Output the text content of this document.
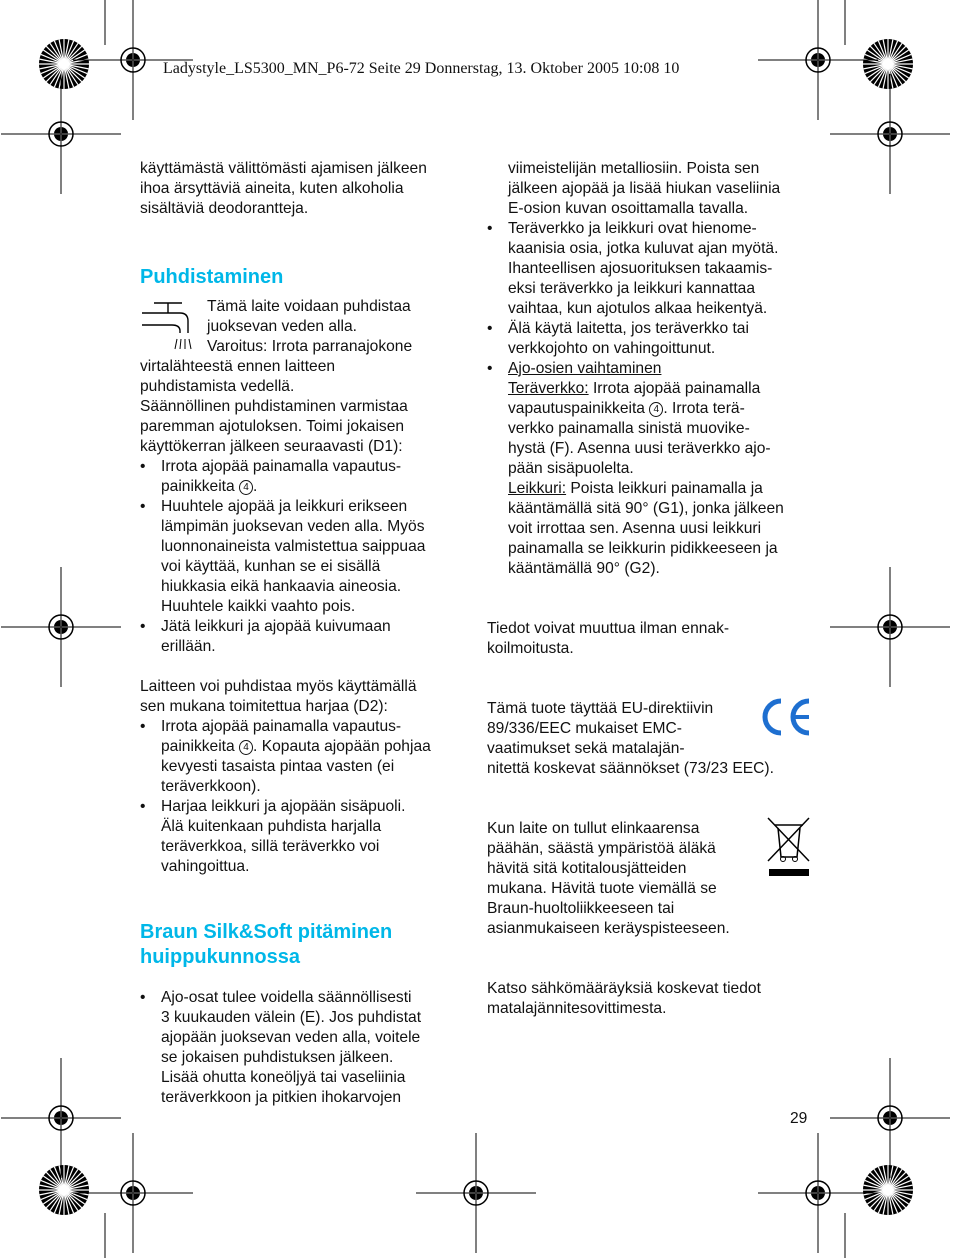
Ladystyle_LS5300_MN_P6-72 Seite 29 Donnerstag, 13. Oktober 2005 10:08 10

käyttämästä välittömästi ajamisen jälkeen

ihoa ärsyttäviä aineita, kuten alkoholia

sisältäviä deodorantteja.

Puhdistaminen

Tämä laite voidaan puhdistaa

juoksevan veden alla.

Varoitus: Irrota parranajokone

virtalähteestä ennen laitteen

puhdistamista vedellä.

Säännöllinen puhdistaminen varmistaa

paremman ajotuloksen. Toimi jokaisen

käyttökerran jälkeen seuraavasti (D1):

• Irrota ajopää painamalla vapautus-
painikkeita 4 .
• Huuhtele ajopää ja leikkuri erikseen
lämpimän juoksevan veden alla. Myös
luonnonaineista valmistettua saippuaa
voi käyttää, kunhan se ei sisällä
hiukkasia eikä hankaavia aineosia.
Huuhtele kaikki vaahto pois.
• Jätä leikkuri ja ajopää kuivumaan
erillään.

Laitteen voi puhdistaa myös käyttämällä

sen mukana toimitettua harjaa (D2):

• Irrota ajopää painamalla vapautus-
painikkeita 4 . Kopauta ajopään pohjaa
kevyesti tasaista pintaa vasten (ei
teräverkkoon).
• Harjaa leikkuri ja ajopään sisäpuoli.
Älä kuitenkaan puhdista harjalla
teräverkkoa, sillä teräverkko voi
vahingoittua.

Braun Silk&Soft pitäminen

huippukunnossa

• Ajo-osat tulee voidella säännöllisesti
3 kuukauden välein (E). Jos puhdistat
ajopään juoksevan veden alla, voitele
se jokaisen puhdistuksen jälkeen.
Lisää ohutta koneöljyä tai vaseliinia
teräverkkoon ja pitkien ihokarvojen
viimeistelijän metalliosiin. Poista sen
jälkeen ajopää ja lisää hiukan vaseliinia
E-osion kuvan osoittamalla tavalla.
• Teräverkko ja leikkuri ovat hienome-
kaanisia osia, jotka kuluvat ajan myötä.
Ihanteellisen ajosuorituksen takaamis-
eksi teräverkko ja leikkuri kannattaa
vaihtaa, kun ajotulos alkaa heikentyä.
• Älä käytä laitetta, jos teräverkko tai
verkkojohto on vahingoittunut.
• Ajo-osien vaihtaminen
Teräverkko: Irrota ajopää painamalla
vapautuspainikkeita 4 . Irrota terä-
verkko painamalla sinistä muovike-
hystä (F). Asenna uusi teräverkko ajo-
pään sisäpuolelta.
Leikkuri: Poista leikkuri painamalla ja
kääntämällä sitä 90° (G1), jonka jälkeen
voit irrottaa sen. Asenna uusi leikkuri
painamalla se leikkurin pidikkeeseen ja
kääntämällä 90° (G2).
Tiedot voivat muuttua ilman ennak-
koilmoitusta.
Tämä tuote täyttää EU-direktiivin
89/336/EEC mukaiset EMC-
vaatimukset sekä matalajän-
nitettä koskevat säännökset (73/23 EEC).
Kun laite on tullut elinkaarensa
päähän, säästä ympäristöä äläkä
hävitä sitä kotitalousjätteiden
mukana. Hävitä tuote viemällä se
Braun-huoltoliikkeeseen tai
asianmukaiseen keräyspisteeseen.
Katso sähkömääräyksiä koskevat tiedot
matalajännitesovittimesta.
29
